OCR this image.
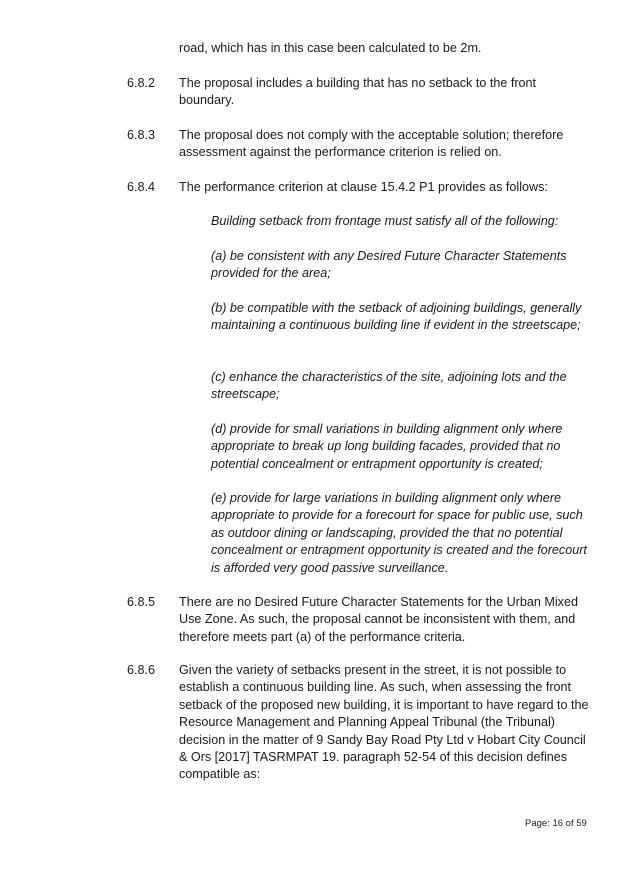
road, which has in this case been calculated to be 2m.
6.8.2 The proposal includes a building that has no setback to the front boundary.
6.8.3 The proposal does not comply with the acceptable solution; therefore assessment against the performance criterion is relied on.
6.8.4 The performance criterion at clause 15.4.2 P1 provides as follows:
Building setback from frontage must satisfy all of the following:
(a) be consistent with any Desired Future Character Statements provided for the area;
(b) be compatible with the setback of adjoining buildings, generally maintaining a continuous building line if evident in the streetscape;
(c) enhance the characteristics of the site, adjoining lots and the streetscape;
(d) provide for small variations in building alignment only where appropriate to break up long building facades, provided that no potential concealment or entrapment opportunity is created;
(e) provide for large variations in building alignment only where appropriate to provide for a forecourt for space for public use, such as outdoor dining or landscaping, provided the that no potential concealment or entrapment opportunity is created and the forecourt is afforded very good passive surveillance.
6.8.5 There are no Desired Future Character Statements for the Urban Mixed Use Zone. As such, the proposal cannot be inconsistent with them, and therefore meets part (a) of the performance criteria.
6.8.6 Given the variety of setbacks present in the street, it is not possible to establish a continuous building line. As such, when assessing the front setback of the proposed new building, it is important to have regard to the Resource Management and Planning Appeal Tribunal (the Tribunal) decision in the matter of 9 Sandy Bay Road Pty Ltd v Hobart City Council & Ors [2017] TASRMPAT 19. paragraph 52-54 of this decision defines compatible as:
Page: 16 of 59
